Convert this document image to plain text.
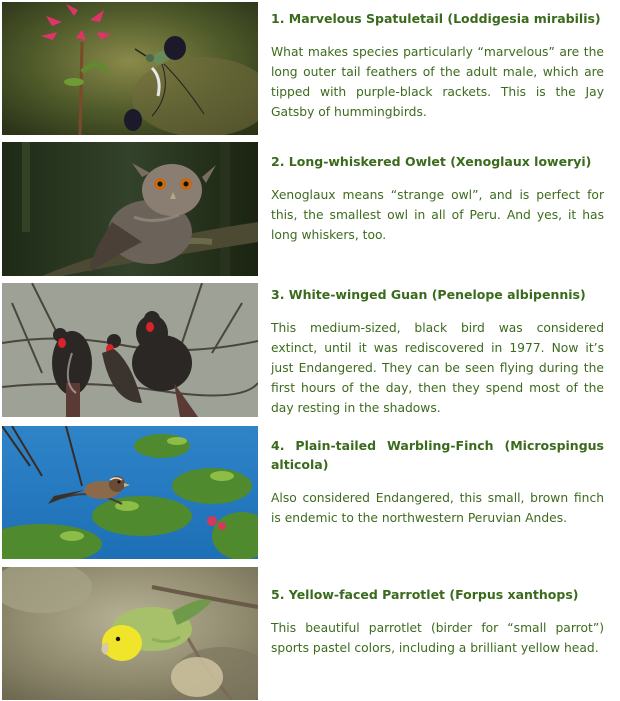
1. Marvelous Spatuletail (Loddigesia mirabilis)
What makes species particularly “marvelous” are the long outer tail feathers of the adult male, which are tipped with purple-black rackets. This is the Jay Gatsby of hummingbirds.
2. Long-whiskered Owlet (Xenoglaux loweryi)
Xenoglaux means “strange owl”, and is perfect for this, the smallest owl in all of Peru. And yes, it has long whiskers, too.
3. White-winged Guan (Penelope albipennis)
This medium-sized, black bird was considered extinct, until it was rediscovered in 1977. Now it’s just Endangered. They can be seen flying during the first hours of the day, then they spend most of the day resting in the shadows.
4. Plain-tailed Warbling-Finch (Microspingus alticola)
Also considered Endangered, this small, brown finch is endemic to the northwestern Peruvian Andes.
5. Yellow-faced Parrotlet (Forpus xanthops)
This beautiful parrotlet (birder for “small parrot”) sports pastel colors, including a brilliant yellow head.
